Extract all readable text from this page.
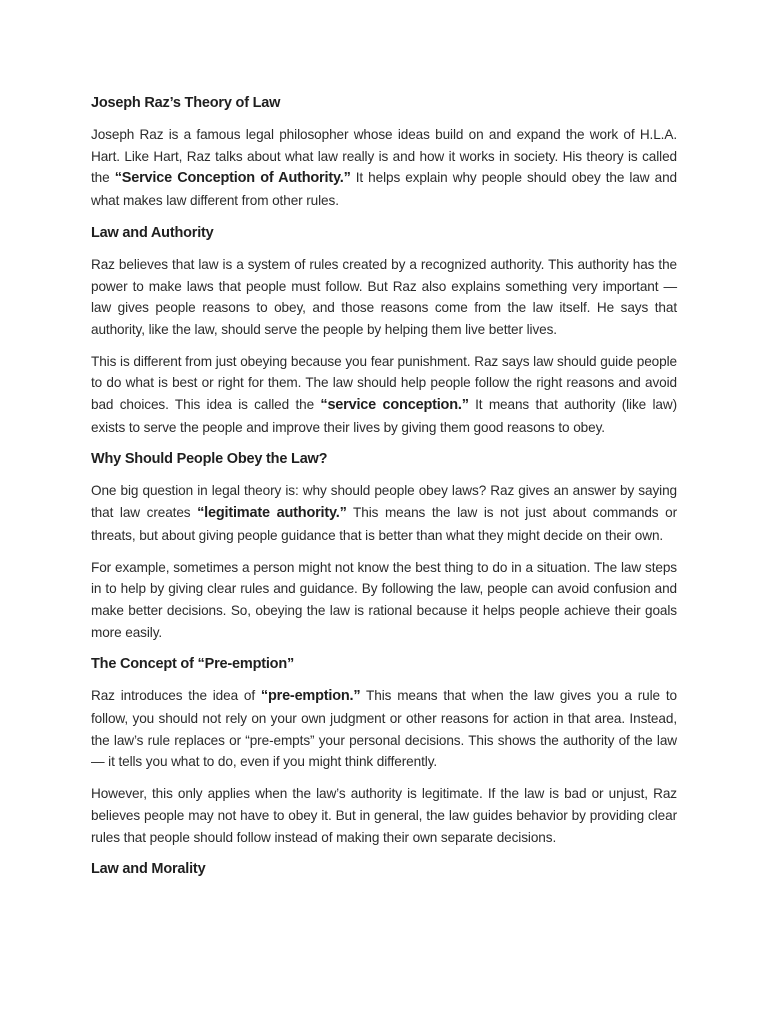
Joseph Raz’s Theory of Law

Joseph Raz is a famous legal philosopher whose ideas build on and expand the work of H.L.A. Hart. Like Hart, Raz talks about what law really is and how it works in society. His theory is called the “Service Conception of Authority.” It helps explain why people should obey the law and what makes law different from other rules.

Law and Authority

Raz believes that law is a system of rules created by a recognized authority. This authority has the power to make laws that people must follow. But Raz also explains something very important — law gives people reasons to obey, and those reasons come from the law itself. He says that authority, like the law, should serve the people by helping them live better lives.

This is different from just obeying because you fear punishment. Raz says law should guide people to do what is best or right for them. The law should help people follow the right reasons and avoid bad choices. This idea is called the “service conception.” It means that authority (like law) exists to serve the people and improve their lives by giving them good reasons to obey.

Why Should People Obey the Law?

One big question in legal theory is: why should people obey laws? Raz gives an answer by saying that law creates “legitimate authority.” This means the law is not just about commands or threats, but about giving people guidance that is better than what they might decide on their own.

For example, sometimes a person might not know the best thing to do in a situation. The law steps in to help by giving clear rules and guidance. By following the law, people can avoid confusion and make better decisions. So, obeying the law is rational because it helps people achieve their goals more easily.

The Concept of “Pre-emption”

Raz introduces the idea of “pre-emption.” This means that when the law gives you a rule to follow, you should not rely on your own judgment or other reasons for action in that area. Instead, the law’s rule replaces or “pre-empts” your personal decisions. This shows the authority of the law — it tells you what to do, even if you might think differently.

However, this only applies when the law’s authority is legitimate. If the law is bad or unjust, Raz believes people may not have to obey it. But in general, the law guides behavior by providing clear rules that people should follow instead of making their own separate decisions.

Law and Morality
